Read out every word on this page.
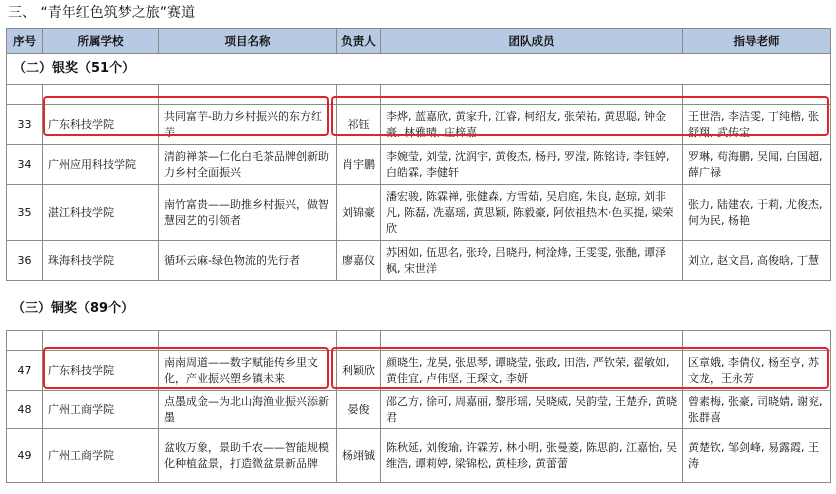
三、 “青年红色筑梦之旅”赛道
序号	所属学校	项目名称	负责人	团队成员	指导老师
（二）银奖（51个）					

33	广东科技学院	共同富芋-助力乡村振兴的东方红芋	祁钰	李烨, 蓝嘉欣, 黄家升, 江睿, 柯绍友, 张荣祐, 黄思聪, 钟金豪, 林雅晴, 庄梓嘉	王世浩, 李洁雯, 丁纯楷, 张舒翔, 武传宝
34	广州应用科技学院	清韵禅茶—仁化白毛茶品牌创新助力乡村全面振兴	肖宇鹏	李婉莹, 刘莹, 沈润宇, 黄俊杰, 杨丹, 罗滢, 陈铭诗, 李钰婷, 白皓霖, 李健轩	罗琳, 苟海鹏, 吴闻, 白国超, 薛广禄
35	湛江科技学院	南竹富贵——助推乡村振兴，做智慧园艺的引领者	刘锦豪	潘宏骏, 陈霖禅, 张健森, 方雪茹, 吴启庭, 朱良, 赵琼, 刘非凡, 陈磊, 冼嘉瑶, 黄思颖, 陈毅豪, 阿依祖热木·色买提, 梁荣欣	张力, 陆建农, 于莉, 尤俊杰, 何为民, 杨艳
36	珠海科技学院	循环云麻-绿色物流的先行者	廖嘉仪	苏困如, 伍思名, 张玲, 吕晓丹, 柯淦烽, 王雯雯, 张酏, 谭泽枫, 宋世洋	刘立, 赵文昌, 高俊晗, 丁慧
（三）铜奖（89个）

47	广东科技学院	南南周道——数字赋能传乡里文化，产业振兴塑乡镇未来	利颖欣	颜晓生, 龙昊, 张思琴, 谭晓莹, 张政, 田浩, 严钦荣, 翟敏如, 黄佳宜, 卢伟坚, 王琛文, 李妍	区章娥, 李倩仪, 杨至亨, 苏文龙，王永芳
48	广州工商学院	点墨成金—为北山海渔业振兴添新墨	晏俊	邵乙方, 徐可, 周嘉丽, 黎彤瑶, 吴晓威, 吴韵莹, 王楚乔, 黄晓君	曾素梅, 张豪, 司晓婧, 谢兖, 张群喜
49	广州工商学院	盆收万象，景助千农——智能规模化种植盆景，打造微盆景新品牌	杨翊铖	陈秋延, 刘俊瑜, 许霖芳, 林小明, 张曼菱, 陈思韵, 江嘉怡, 吴维浩, 谭莉婷, 梁锦松, 黄桂珍, 黄蕾蕾	黄楚钦, 邹剑峰, 易露霞, 王涛
